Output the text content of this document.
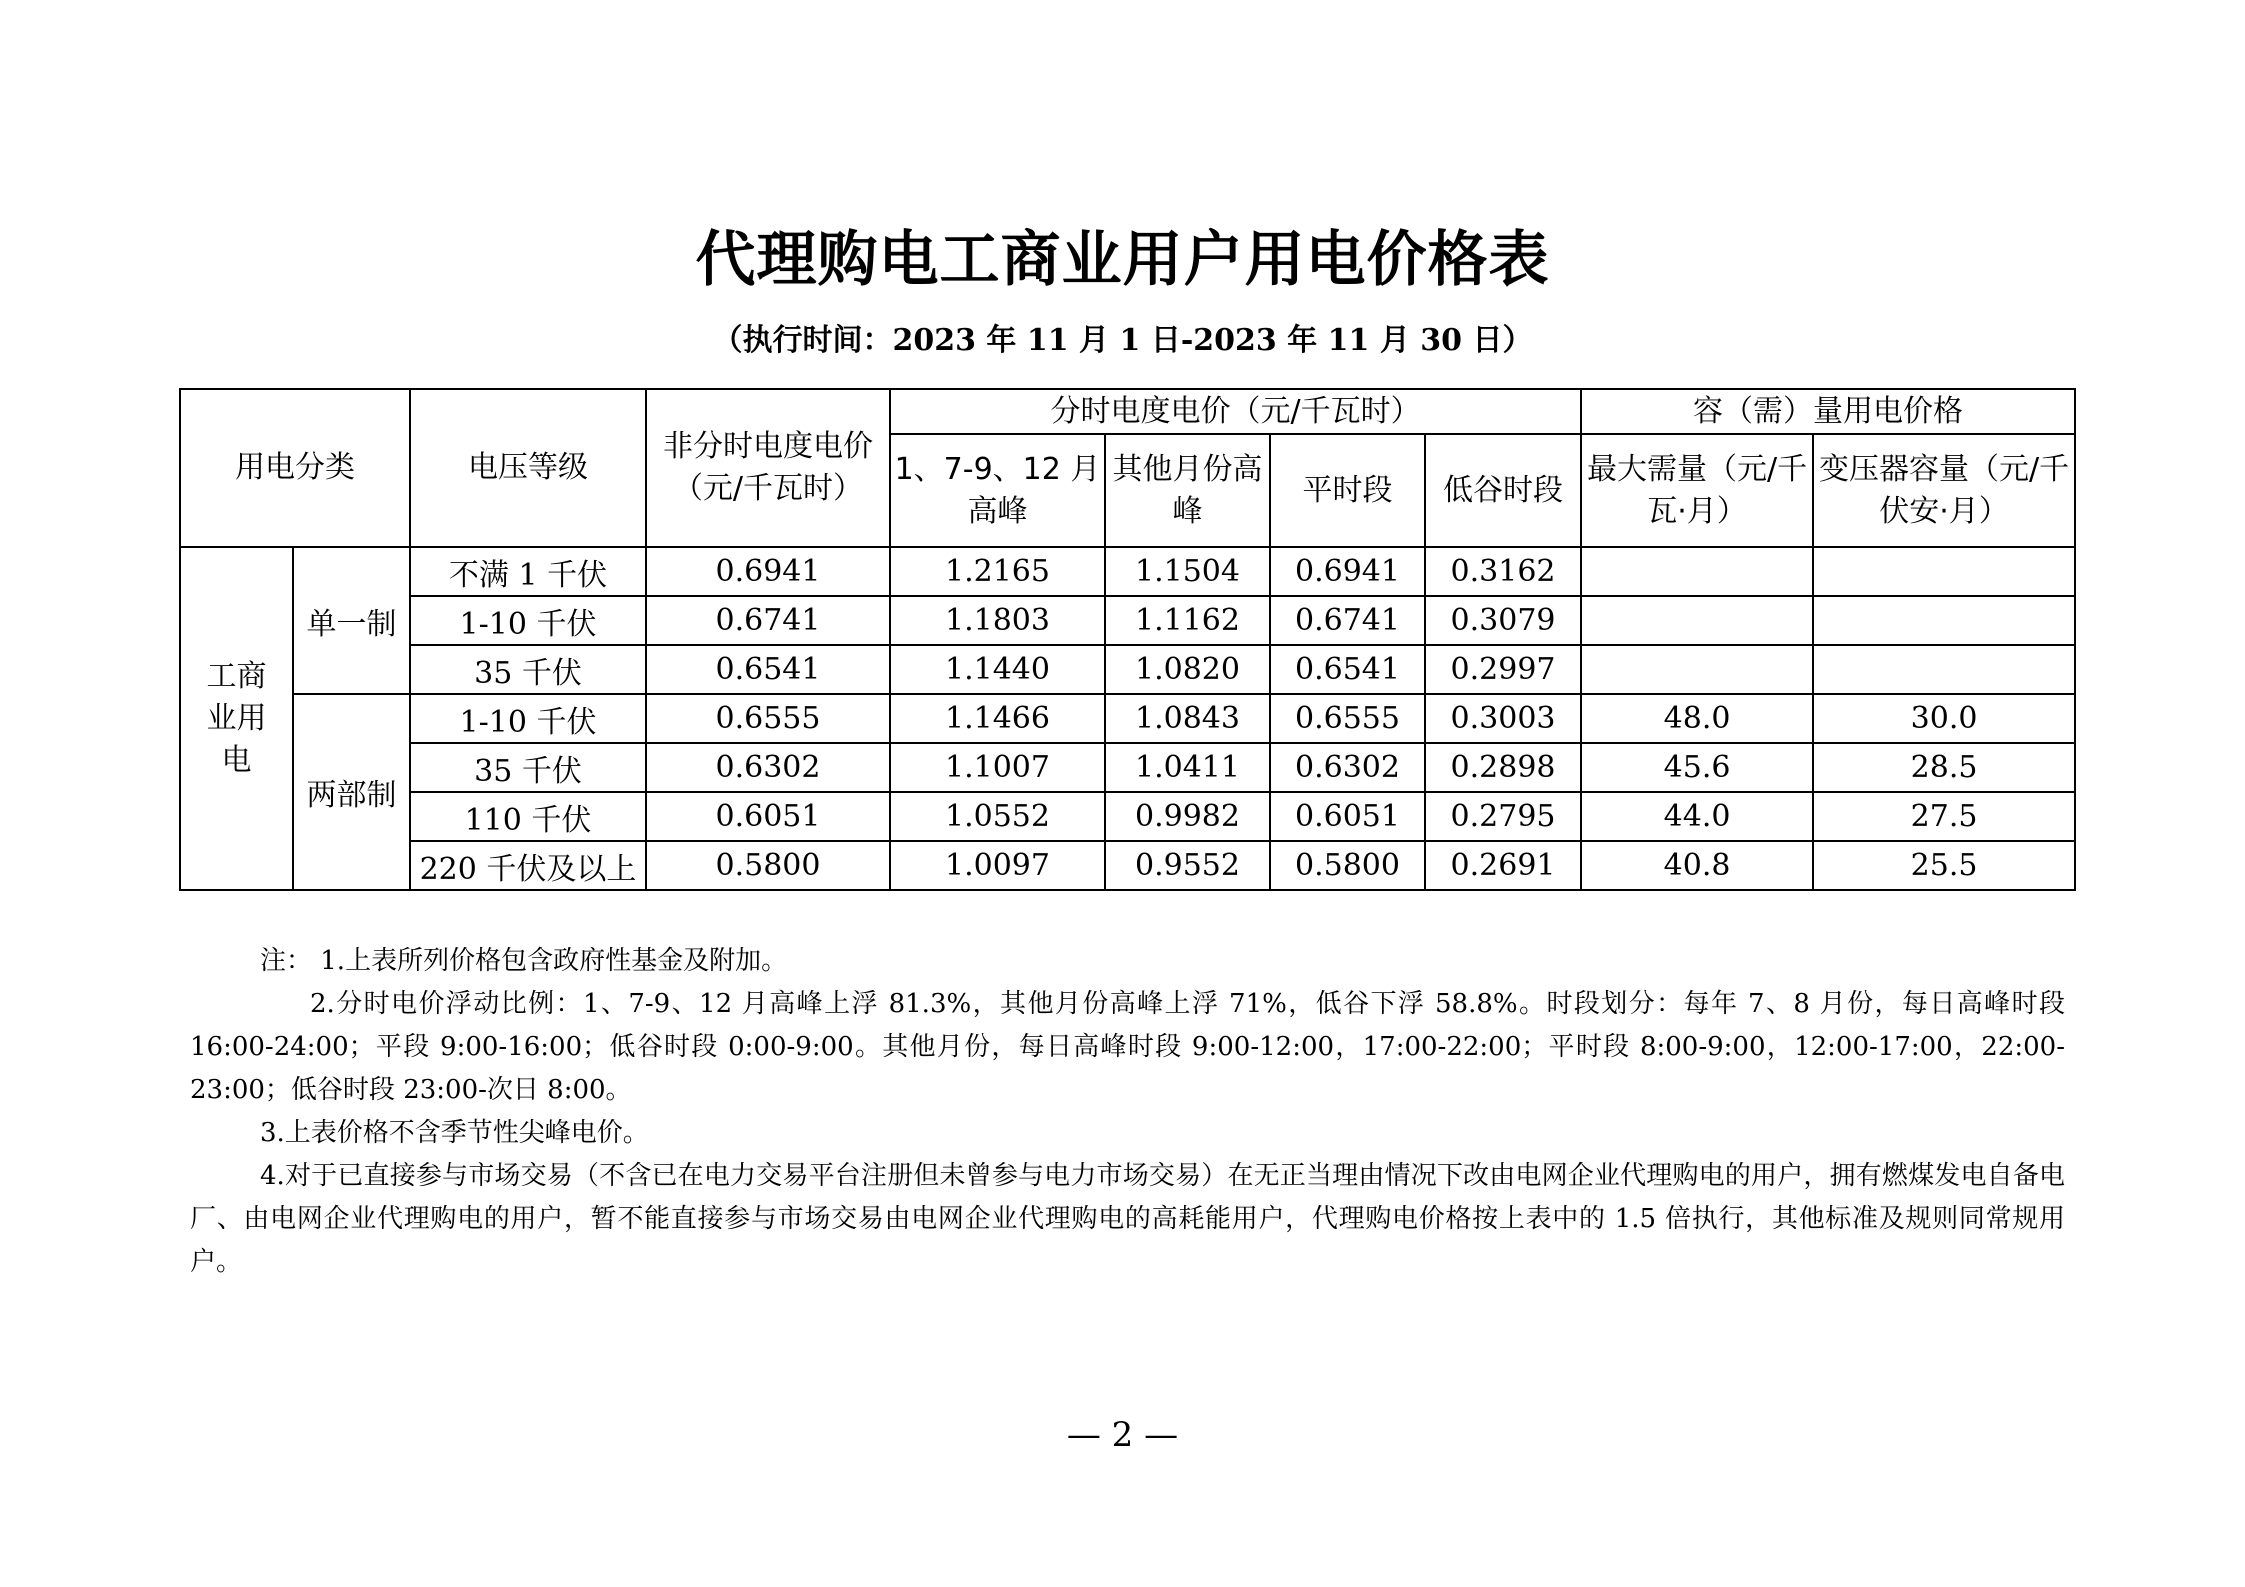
代理购电工商业用户用电价格表
（执行时间：2023 年 11 月 1 日-2023 年 11 月 30 日）
用电分类		电压等级	非分时电度电价（元/千瓦时）	分时电度电价（元/千瓦时）				容（需）量用电价格	
				1、7-9、12 月高峰	其他月份高峰	平时段	低谷时段	最大需量（元/千瓦·月）	变压器容量（元/千伏安·月）
工商业用电	单一制	不满 1 千伏	0.6941	1.2165	1.1504	0.6941	0.3162		
		1-10 千伏	0.6741	1.1803	1.1162	0.6741	0.3079		
		35 千伏	0.6541	1.1440	1.0820	0.6541	0.2997		
	两部制	1-10 千伏	0.6555	1.1466	1.0843	0.6555	0.3003	48.0	30.0
		35 千伏	0.6302	1.1007	1.0411	0.6302	0.2898	45.6	28.5
		110 千伏	0.6051	1.0552	0.9982	0.6051	0.2795	44.0	27.5
		220 千伏及以上	0.5800	1.0097	0.9552	0.5800	0.2691	40.8	25.5

注： 1.上表所列价格包含政府性基金及附加。

2.分时电价浮动比例：1、7-9、12 月高峰上浮 81.3%，其他月份高峰上浮 71%，低谷下浮 58.8%。时段划分：每年 7、8 月份，每日高峰时段 16:00-24:00；平段 9:00-16:00；低谷时段 0:00-9:00。其他月份，每日高峰时段 9:00-12:00，17:00-22:00；平时段 8:00-9:00，12:00-17:00，22:00-23:00；低谷时段 23:00-次日 8:00。

3.上表价格不含季节性尖峰电价。

4.对于已直接参与市场交易（不含已在电力交易平台注册但未曾参与电力市场交易）在无正当理由情况下改由电网企业代理购电的用户，拥有燃煤发电自备电厂、由电网企业代理购电的用户，暂不能直接参与市场交易由电网企业代理购电的高耗能用户，代理购电价格按上表中的 1.5 倍执行，其他标准及规则同常规用户。

— 2 —
